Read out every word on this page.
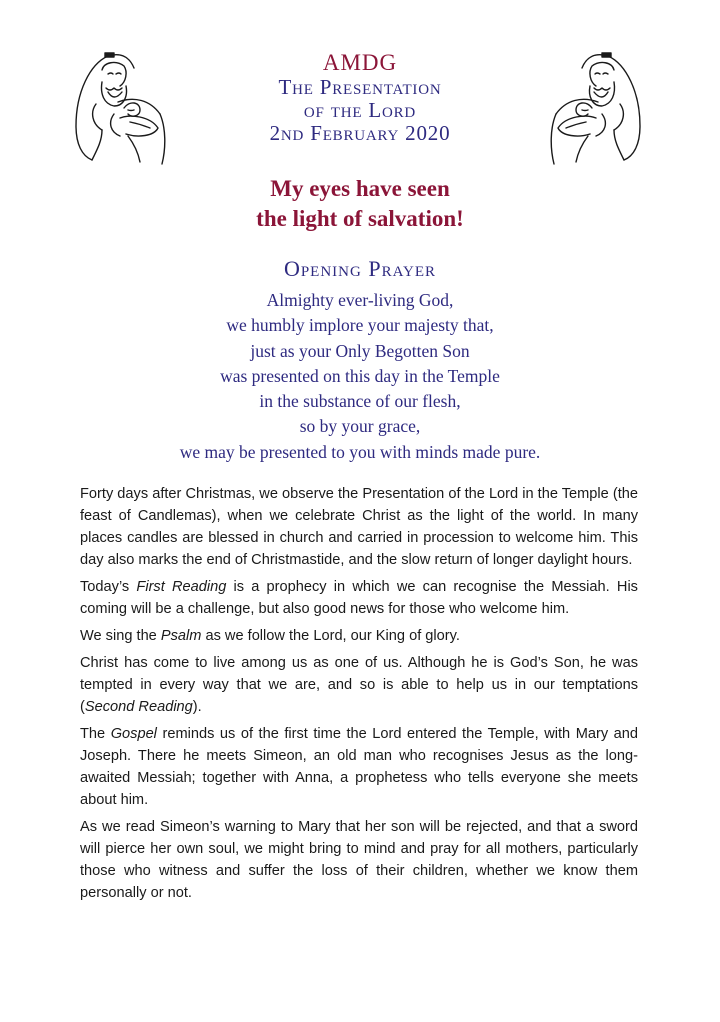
AMDG
The Presentation
of the Lord
2nd February 2020
My eyes have seen
the light of salvation!
Opening Prayer
Almighty ever-living God,
we humbly implore your majesty that,
just as your Only Begotten Son
was presented on this day in the Temple
in the substance of our flesh,
so by your grace,
we may be presented to you with minds made pure.

Forty days after Christmas, we observe the Presentation of the Lord in the Temple (the feast of Candlemas), when we celebrate Christ as the light of the world. In many places candles are blessed in church and carried in procession to welcome him. This day also marks the end of Christmastide, and the slow return of longer daylight hours.

Today’s First Reading is a prophecy in which we can recognise the Messiah. His coming will be a challenge, but also good news for those who welcome him.

We sing the Psalm as we follow the Lord, our King of glory.

Christ has come to live among us as one of us. Although he is God’s Son, he was tempted in every way that we are, and so is able to help us in our temptations (Second Reading).

The Gospel reminds us of the first time the Lord entered the Temple, with Mary and Joseph. There he meets Simeon, an old man who recognises Jesus as the long-awaited Messiah; together with Anna, a prophetess who tells everyone she meets about him.

As we read Simeon’s warning to Mary that her son will be rejected, and that a sword will pierce her own soul, we might bring to mind and pray for all mothers, particularly those who witness and suffer the loss of their children, whether we know them personally or not.
